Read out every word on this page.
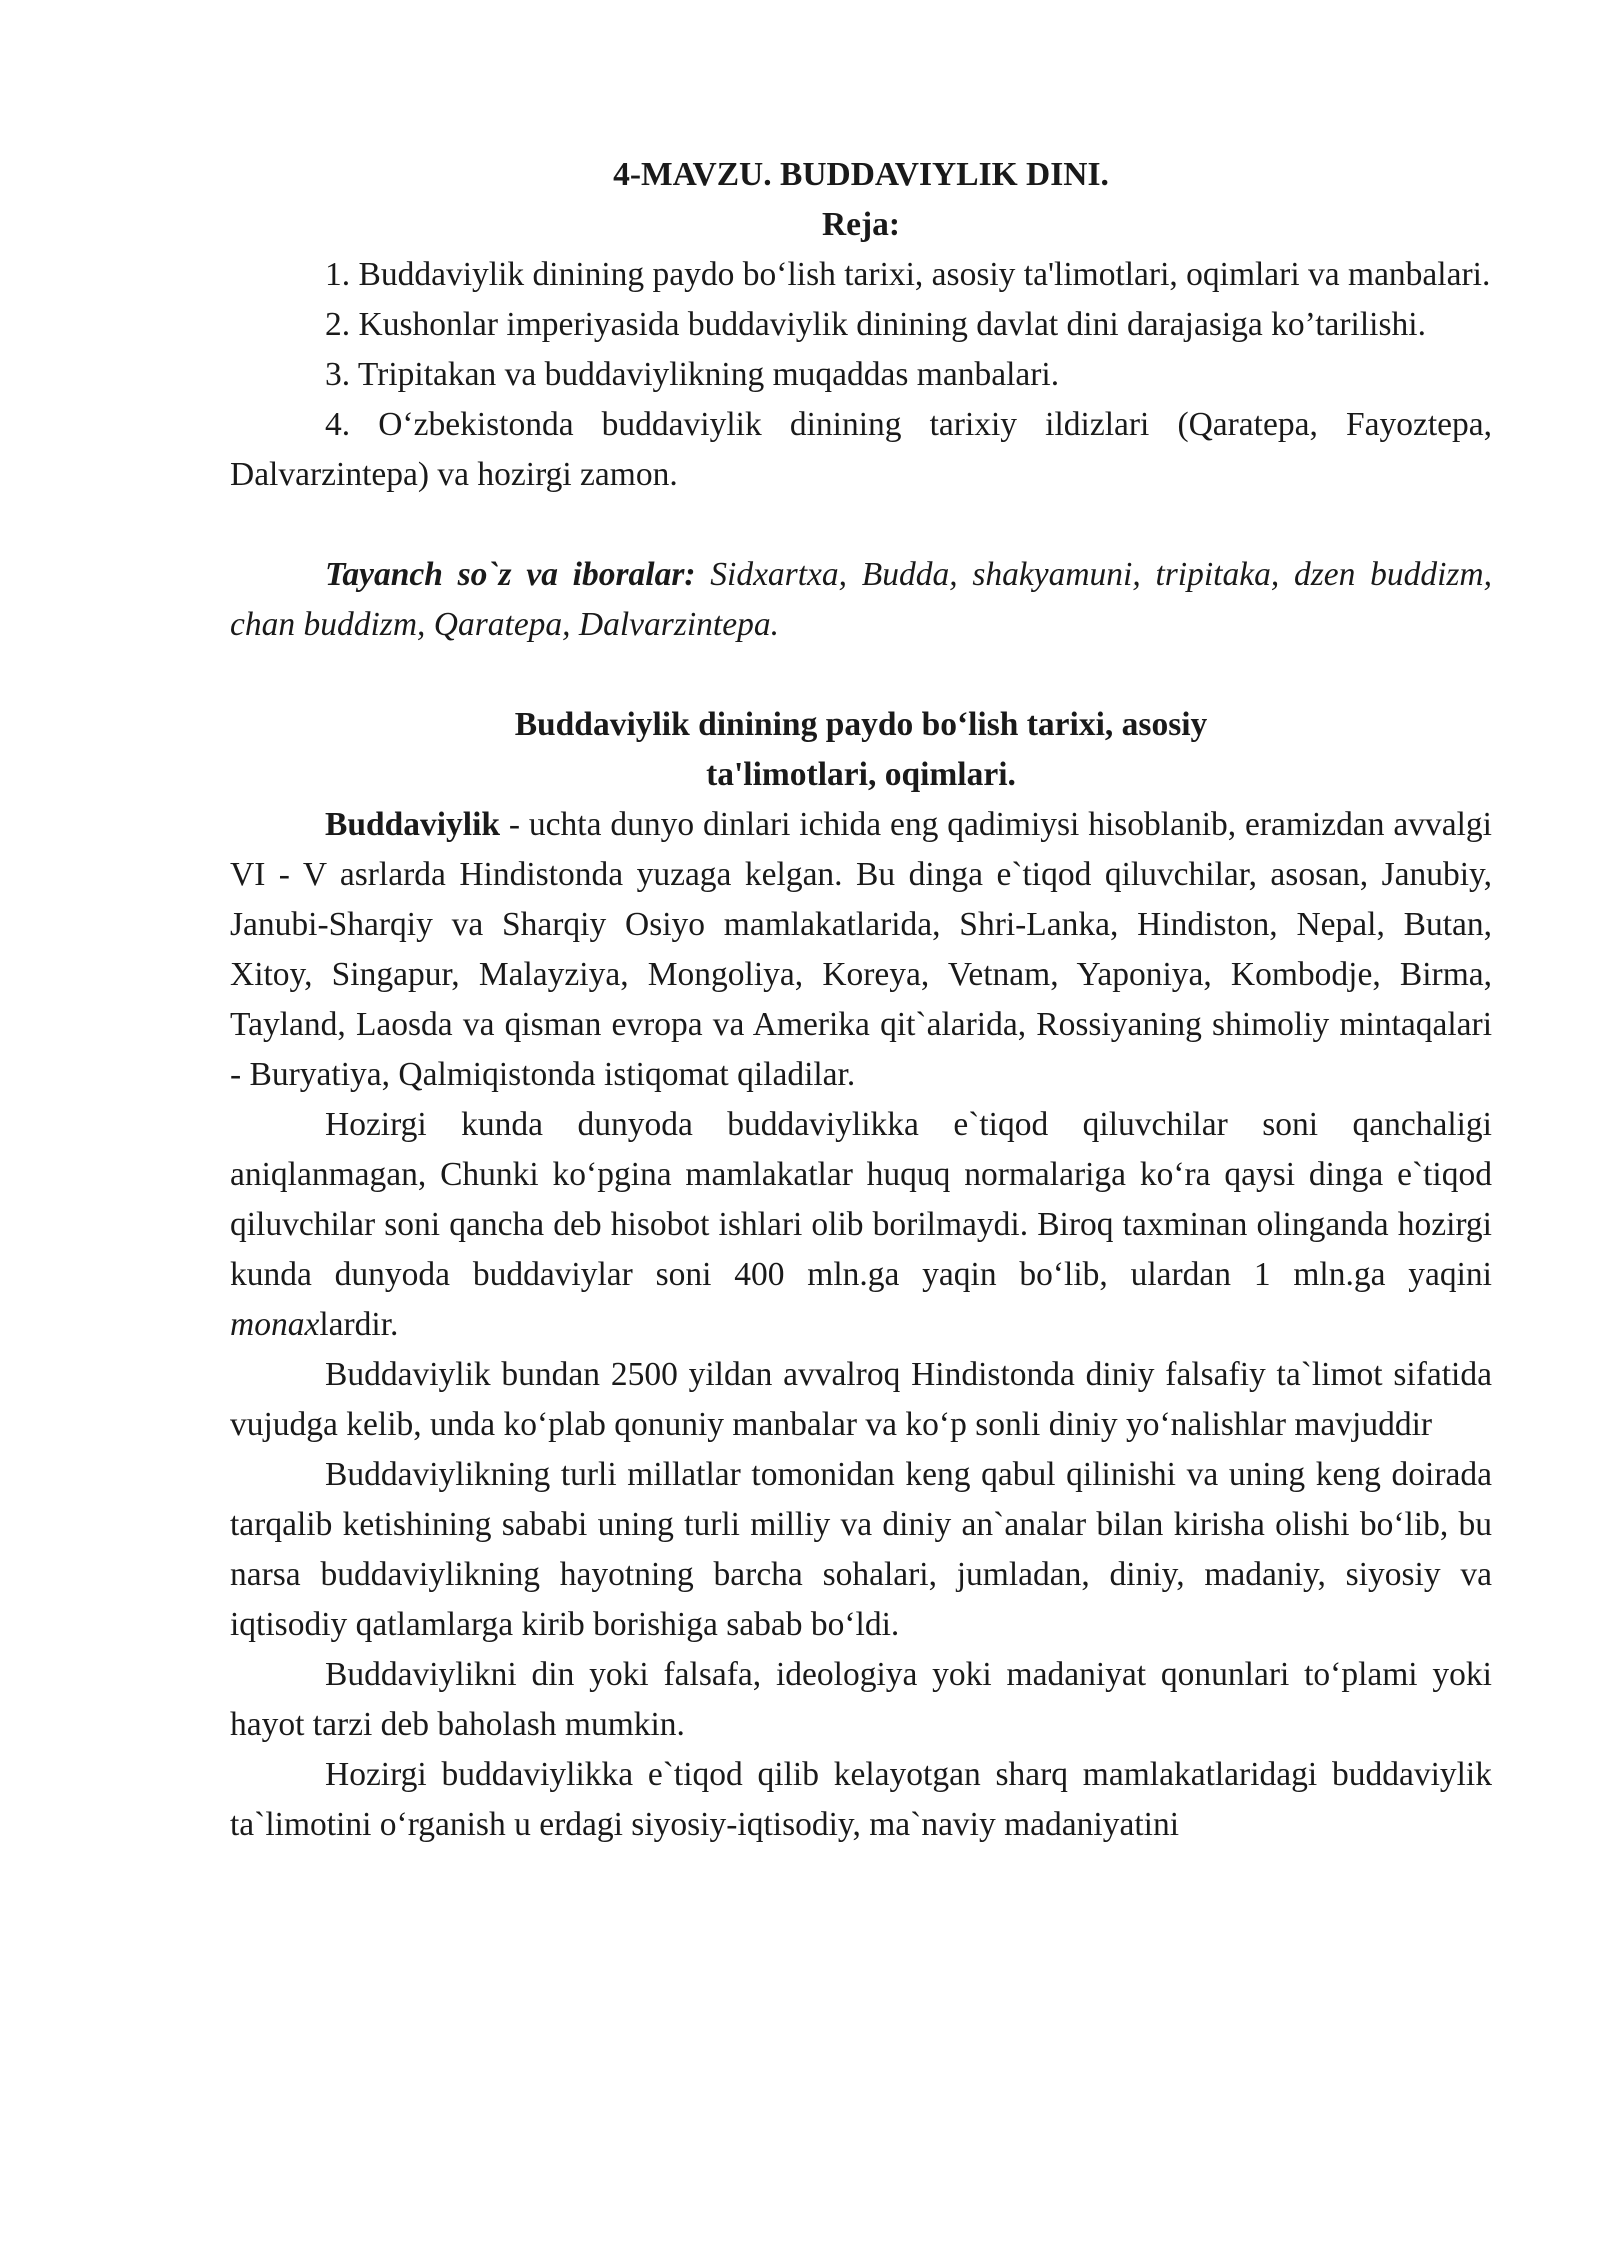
4-MAVZU. BUDDAVIYLIK DINI.

Reja:

1. Buddaviylik dinining paydo bo‘lish tarixi, asosiy ta'limotlari, oqimlari va manbalari.

2. Kushonlar imperiyasida buddaviylik dinining davlat dini darajasiga ko’tarilishi.

3. Tripitakan va buddaviylikning muqaddas manbalari.

4. O‘zbekistonda buddaviylik dinining tarixiy ildizlari (Qaratepa, Fayoztepa, Dalvarzintepa) va hozirgi zamon.

Tayanch so`z va iboralar: Sidxartxa, Budda, shakyamuni, tripitaka, dzen buddizm, chan buddizm, Qaratepa, Dalvarzintepa.

Buddaviylik dinining paydo bo‘lish tarixi, asosiy

ta'limotlari, oqimlari.

Buddaviylik - uchta dunyo dinlari ichida eng qadimiysi hisoblanib, eramizdan avvalgi VI - V asrlarda Hindistonda yuzaga kelgan. Bu dinga e`tiqod qiluvchilar, asosan, Janubiy, Janubi-Sharqiy va Sharqiy Osiyo mamlakatlarida, Shri-Lanka, Hindiston, Nepal, Butan, Xitoy, Singapur, Malayziya, Mongoliya, Koreya, Vetnam, Yaponiya, Kombodje, Birma, Tayland, Laosda va qisman evropa va Amerika qit`alarida, Rossiyaning shimoliy mintaqalari - Buryatiya, Qalmiqistonda istiqomat qiladilar.

Hozirgi kunda dunyoda buddaviylikka e`tiqod qiluvchilar soni qanchaligi aniqlanmagan, Chunki ko‘pgina mamlakatlar huquq normalariga ko‘ra qaysi dinga e`tiqod qiluvchilar soni qancha deb hisobot ishlari olib borilmaydi. Biroq taxminan olinganda hozirgi kunda dunyoda buddaviylar soni 400 mln.ga yaqin bo‘lib, ulardan 1 mln.ga yaqini monaxlardir.

Buddaviylik bundan 2500 yildan avvalroq Hindistonda diniy falsafiy ta`limot sifatida vujudga kelib, unda ko‘plab qonuniy manbalar va ko‘p sonli diniy yo‘nalishlar mavjuddir

Buddaviylikning turli millatlar tomonidan keng qabul qilinishi va uning keng doirada tarqalib ketishining sababi uning turli milliy va diniy an`analar bilan kirisha olishi bo‘lib, bu narsa buddaviylikning hayotning barcha sohalari, jumladan, diniy, madaniy, siyosiy va iqtisodiy qatlamlarga kirib borishiga sabab bo‘ldi.

Buddaviylikni din yoki falsafa, ideologiya yoki madaniyat qonunlari to‘plami yoki hayot tarzi deb baholash mumkin.

Hozirgi buddaviylikka e`tiqod qilib kelayotgan sharq mamlakatlaridagi buddaviylik ta`limotini o‘rganish u erdagi siyosiy-iqtisodiy, ma`naviy madaniyatini
